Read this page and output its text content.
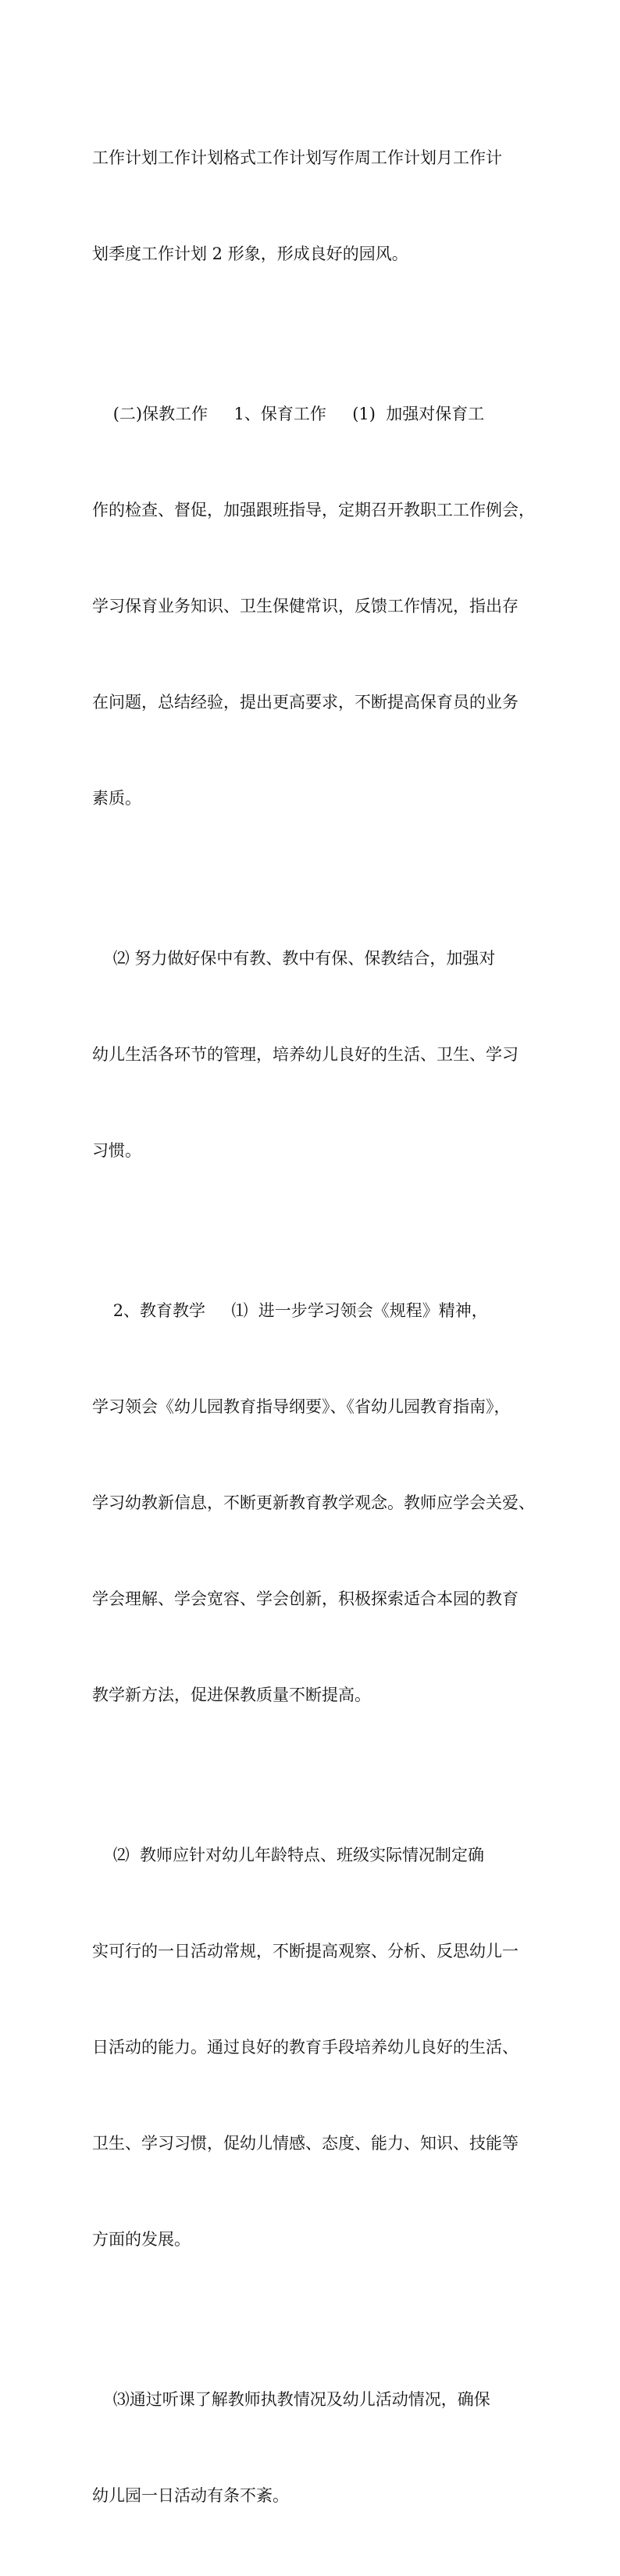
工作计划工作计划格式工作计划写作周工作计划月工作计

划季度工作计划 2 形象，形成良好的园风。

(二)保教工作     1、保育工作     (1)  加强对保育工

作的检查、督促，加强跟班指导，定期召开教职工工作例会，

学习保育业务知识、卫生保健常识，反馈工作情况，指出存

在问题，总结经验，提出更高要求，不断提高保育员的业务

素质。

⑵ 努力做好保中有教、教中有保、保教结合，加强对

幼儿生活各环节的管理，培养幼儿良好的生活、卫生、学习

习惯。

2、教育教学     ⑴  进一步学习领会《规程》精神，

学习领会《幼儿园教育指导纲要》、《省幼儿园教育指南》，

学习幼教新信息，不断更新教育教学观念。教师应学会关爱、

学会理解、学会宽容、学会创新，积极探索适合本园的教育

教学新方法，促进保教质量不断提高。

⑵  教师应针对幼儿年龄特点、班级实际情况制定确

实可行的一日活动常规，不断提高观察、分析、反思幼儿一

日活动的能力。通过良好的教育手段培养幼儿良好的生活、

卫生、学习习惯，促幼儿情感、态度、能力、知识、技能等

方面的发展。

⑶通过听课了解教师执教情况及幼儿活动情况，确保

幼儿园一日活动有条不紊。
